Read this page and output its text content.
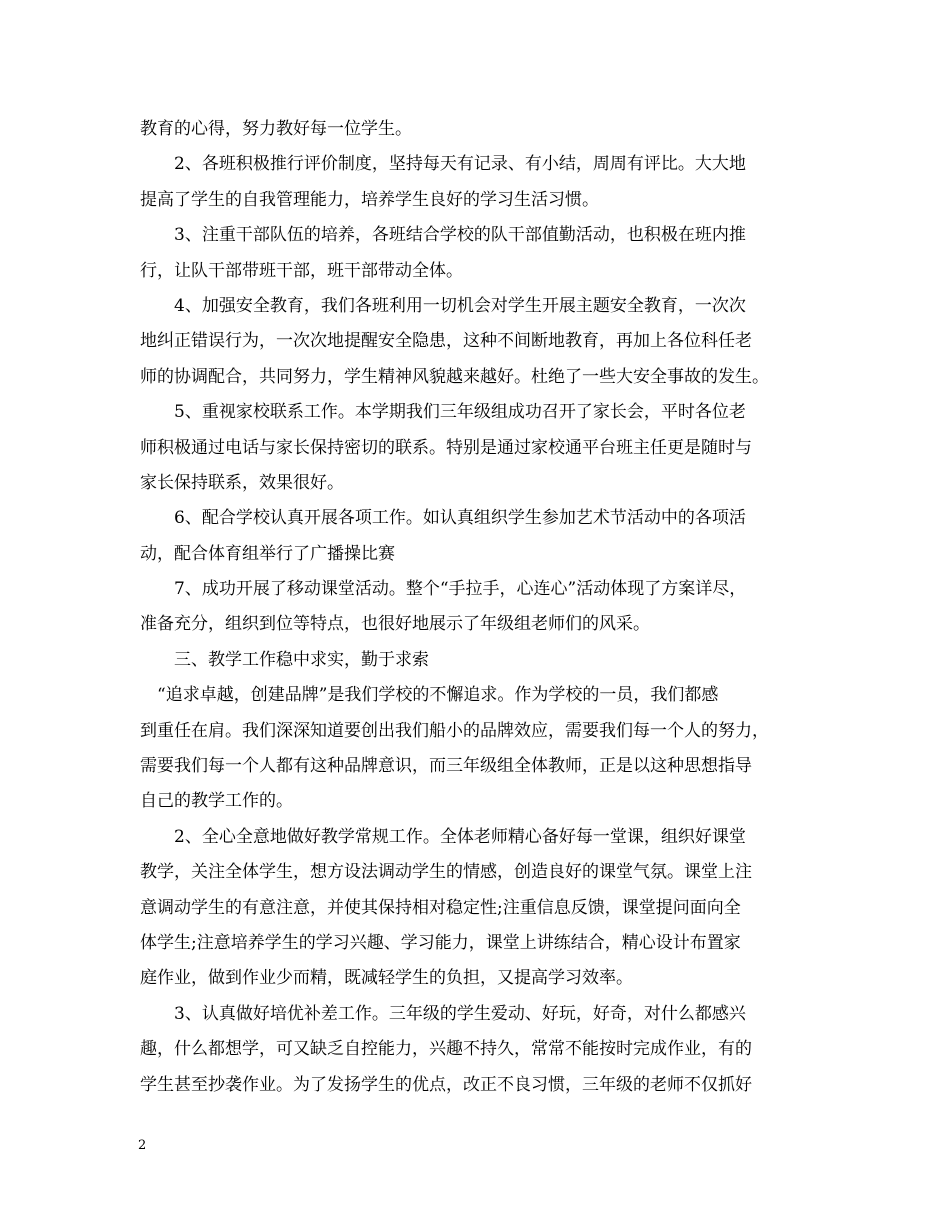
教育的心得，努力教好每一位学生。
2、各班积极推行评价制度，坚持每天有记录、有小结，周周有评比。大大地
提高了学生的自我管理能力，培养学生良好的学习生活习惯。
3、注重干部队伍的培养，各班结合学校的队干部值勤活动，也积极在班内推
行，让队干部带班干部，班干部带动全体。
4、加强安全教育，我们各班利用一切机会对学生开展主题安全教育，一次次
地纠正错误行为，一次次地提醒安全隐患，这种不间断地教育，再加上各位科任老
师的协调配合，共同努力，学生精神风貌越来越好。杜绝了一些大安全事故的发生。
5、重视家校联系工作。本学期我们三年级组成功召开了家长会，平时各位老
师积极通过电话与家长保持密切的联系。特别是通过家校通平台班主任更是随时与
家长保持联系，效果很好。
6、配合学校认真开展各项工作。如认真组织学生参加艺术节活动中的各项活
动，配合体育组举行了广播操比赛
7、成功开展了移动课堂活动。整个“手拉手，心连心”活动体现了方案详尽，
准备充分，组织到位等特点，也很好地展示了年级组老师们的风采。
三、教学工作稳中求实，勤于求索
“追求卓越，创建品牌”是我们学校的不懈追求。作为学校的一员，我们都感
到重任在肩。我们深深知道要创出我们船小的品牌效应，需要我们每一个人的努力，
需要我们每一个人都有这种品牌意识，而三年级组全体教师，正是以这种思想指导
自己的教学工作的。
2、全心全意地做好教学常规工作。全体老师精心备好每一堂课，组织好课堂
教学，关注全体学生，想方设法调动学生的情感，创造良好的课堂气氛。课堂上注
意调动学生的有意注意，并使其保持相对稳定性;注重信息反馈，课堂提问面向全
体学生;注意培养学生的学习兴趣、学习能力，课堂上讲练结合，精心设计布置家
庭作业，做到作业少而精，既减轻学生的负担，又提高学习效率。
3、认真做好培优补差工作。三年级的学生爱动、好玩，好奇，对什么都感兴
趣，什么都想学，可又缺乏自控能力，兴趣不持久，常常不能按时完成作业，有的
学生甚至抄袭作业。为了发扬学生的优点，改正不良习惯，三年级的老师不仅抓好
2
